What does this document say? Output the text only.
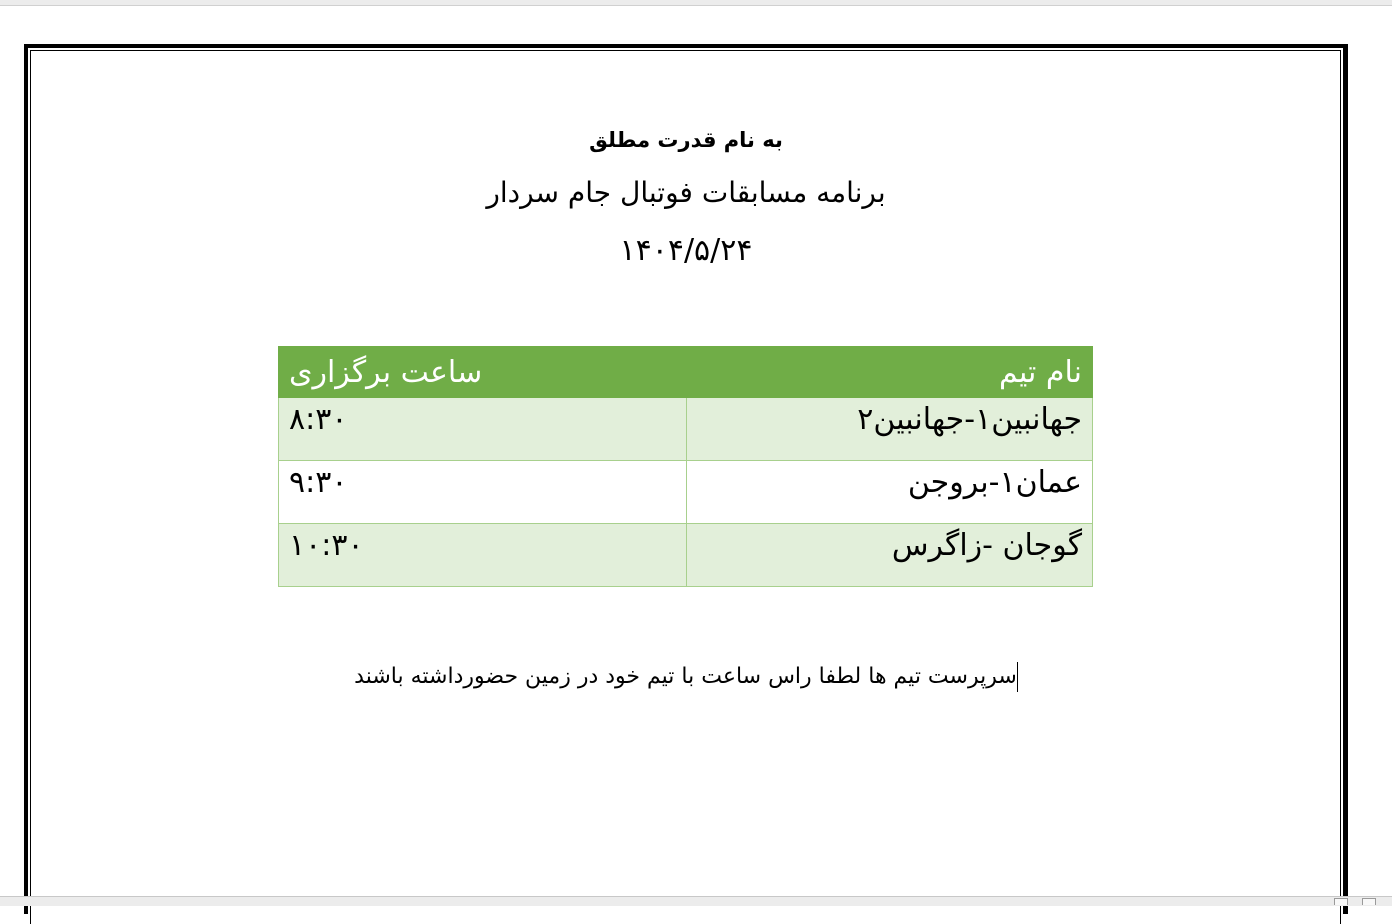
به نام قدرت مطلق
برنامه مسابقات فوتبال جام سردار
۱۴۰۴/۵/۲۴
نام تیم	ساعت برگزاری
جهانبین۱-جهانبین۲	۸:۳۰
عمان۱-بروجن	۹:۳۰
گوجان -زاگرس	۱۰:۳۰
سرپرست تیم ها لطفا راس ساعت با تیم خود در زمین حضورداشته باشند
